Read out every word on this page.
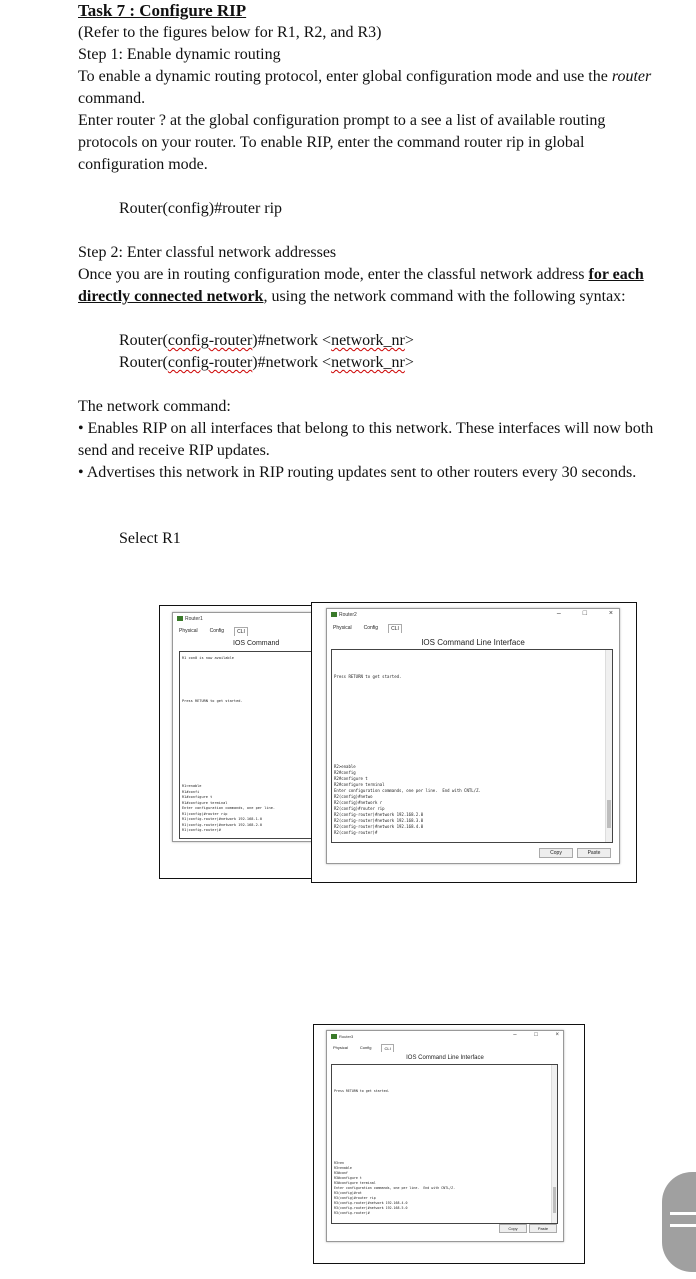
Task 7 : Configure RIP

(Refer to the figures below for R1, R2, and R3)

Step 1: Enable dynamic routing

To enable a dynamic routing protocol, enter global configuration mode and use the router command.

Enter router ? at the global configuration prompt to a see a list of available routing protocols on your router. To enable RIP, enter the command router rip in global configuration mode.

Router(config)#router rip

Step 2: Enter classful network addresses

Once you are in routing configuration mode, enter the classful network address for each directly connected network, using the network command with the following syntax:

Router(config-router)#network <network_nr>

Router(config-router)#network <network_nr>

The network command:

• Enables RIP on all interfaces that belong to this network. These interfaces will now both send and receive RIP updates.

• Advertises this network in RIP routing updates sent to other routers every 30 seconds.

Select R1

Router1
Physical	Config	CLI
IOS Command
R1 con0 is now available
Press RETURN to get started.
R1>enable
R1#confi
R1#configure t
R1#configure terminal
Enter configuration commands, one per line.
R1(config)#router rip
R1(config-router)#network 192.168.1.0
R1(config-router)#network 192.168.2.0
R1(config-router)#
Router2	– □ ×
Physical	Config	CLI
IOS Command Line Interface
Press RETURN to get started.
R2>enable
R2#config
R2#configure t
R2#configure terminal
Enter configuration commands, one per line.  End with CNTL/Z.
R2(config)#netwo
R2(config)#network r
R2(config)#router rip
R2(config-router)#network 192.168.2.0
R2(config-router)#network 192.168.3.0
R2(config-router)#network 192.168.4.0
R2(config-router)#
Copy	Paste
Router3	– □ ×
Physical	Config	CLI
IOS Command Line Interface
Press RETURN to get started.
R3>en
R3>enable
R3#conf
R3#configure t
R3#configure terminal
Enter configuration commands, one per line.  End with CNTL/Z.
R3(config)#rot
R3(config)#router rip
R3(config-router)#network 192.168.4.0
R3(config-router)#network 192.168.5.0
R3(config-router)#
Copy	Paste
